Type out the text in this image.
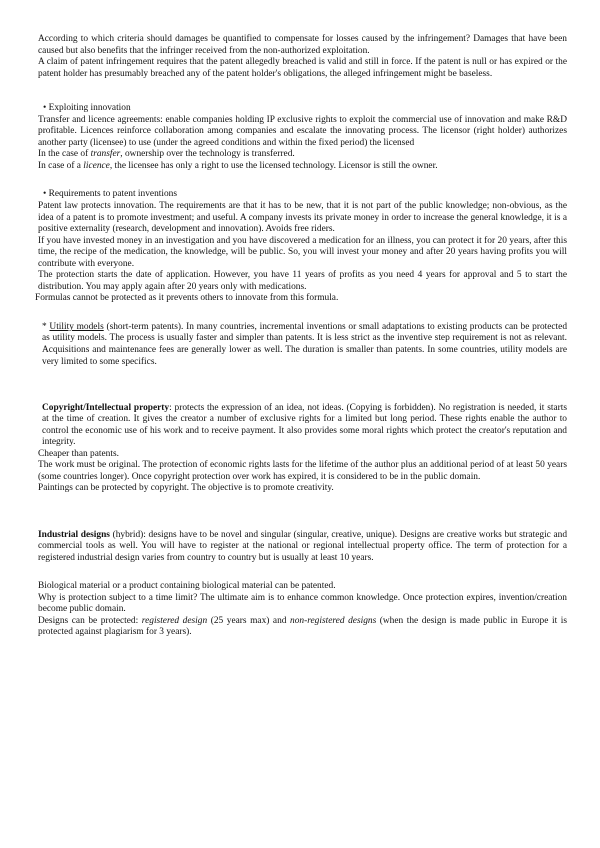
According to which criteria should damages be quantified to compensate for losses caused by the infringement? Damages that have been caused but also benefits that the infringer received from the non-authorized exploitation.

A claim of patent infringement requires that the patent allegedly breached is valid and still in force. If the patent is null or has expired or the patent holder has presumably breached any of the patent holder's obligations, the alleged infringement might be baseless.

• Exploiting innovation

Transfer and licence agreements: enable companies holding IP exclusive rights to exploit the commercial use of innovation and make R&D profitable. Licences reinforce collaboration among companies and escalate the innovating process. The licensor (right holder) authorizes another party (licensee) to use (under the agreed conditions and within the fixed period) the licensed

In the case of transfer, ownership over the technology is transferred.

In case of a licence, the licensee has only a right to use the licensed technology. Licensor is still the owner.

• Requirements to patent inventions

Patent law protects innovation. The requirements are that it has to be new, that it is not part of the public knowledge; non-obvious, as the idea of a patent is to promote investment; and useful. A company invests its private money in order to increase the general knowledge, it is a positive externality (research, development and innovation). Avoids free riders.

If you have invested money in an investigation and you have discovered a medication for an illness, you can protect it for 20 years, after this time, the recipe of the medication, the knowledge, will be public. So, you will invest your money and after 20 years having profits you will contribute with everyone.

The protection starts the date of application. However, you have 11 years of profits as you need 4 years for approval and 5 to start the distribution. You may apply again after 20 years only with medications.

Formulas cannot be protected as it prevents others to innovate from this formula.

* Utility models (short-term patents). In many countries, incremental inventions or small adaptations to existing products can be protected as utility models. The process is usually faster and simpler than patents. It is less strict as the inventive step requirement is not as relevant. Acquisitions and maintenance fees are generally lower as well. The duration is smaller than patents. In some countries, utility models are very limited to some specifics.

Copyright/Intellectual property: protects the expression of an idea, not ideas. (Copying is forbidden). No registration is needed, it starts at the time of creation. It gives the creator a number of exclusive rights for a limited but long period. These rights enable the author to control the economic use of his work and to receive payment. It also provides some moral rights which protect the creator's reputation and integrity.

Cheaper than patents.

The work must be original. The protection of economic rights lasts for the lifetime of the author plus an additional period of at least 50 years (some countries longer). Once copyright protection over work has expired, it is considered to be in the public domain.

Paintings can be protected by copyright. The objective is to promote creativity.

Industrial designs (hybrid): designs have to be novel and singular (singular, creative, unique). Designs are creative works but strategic and commercial tools as well. You will have to register at the national or regional intellectual property office. The term of protection for a registered industrial design varies from country to country but is usually at least 10 years.

Biological material or a product containing biological material can be patented.

Why is protection subject to a time limit? The ultimate aim is to enhance common knowledge. Once protection expires, invention/creation become public domain.

Designs can be protected: registered design (25 years max) and non-registered designs (when the design is made public in Europe it is protected against plagiarism for 3 years).
